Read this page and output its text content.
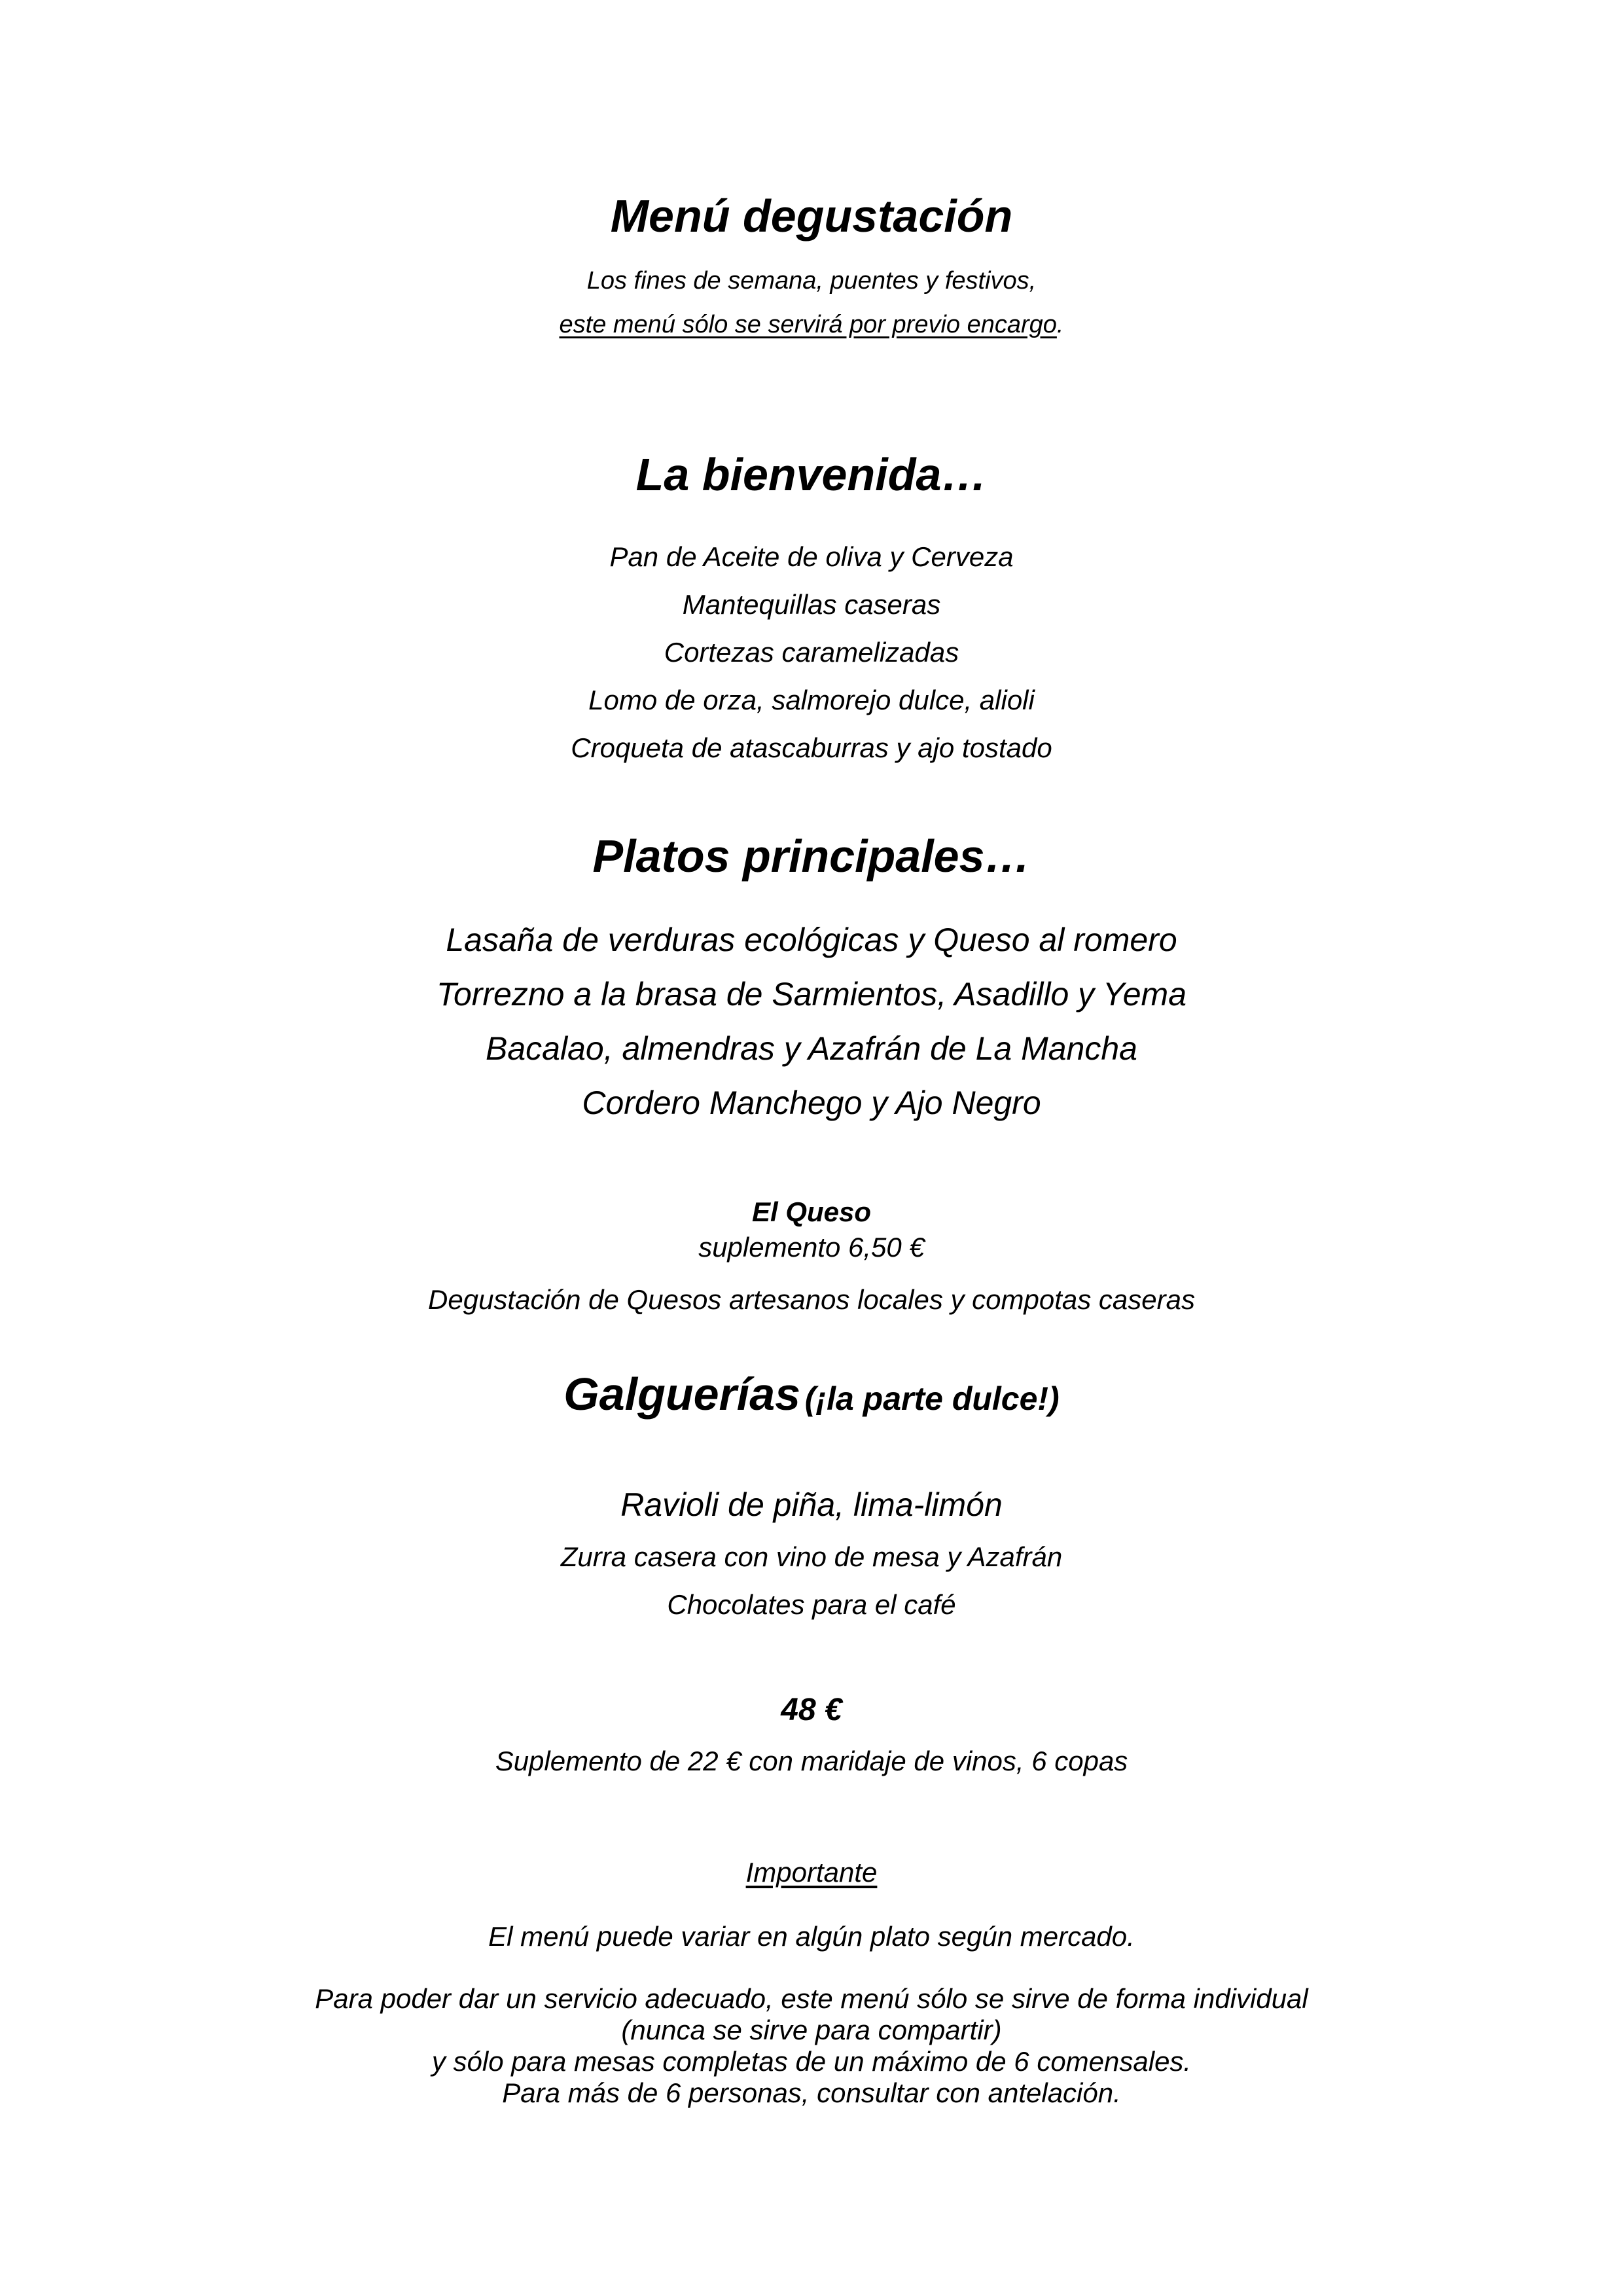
Menú degustación

Los fines de semana, puentes y festivos,

este menú sólo se servirá por previo encargo.

La bienvenida…

Pan de Aceite de oliva y Cerveza

Mantequillas caseras

Cortezas caramelizadas

Lomo de orza, salmorejo dulce, alioli

Croqueta de atascaburras y ajo tostado

Platos principales…

Lasaña de verduras ecológicas y Queso al romero

Torrezno a la brasa de Sarmientos, Asadillo y Yema

Bacalao, almendras y Azafrán de La Mancha

Cordero Manchego y Ajo Negro

El Queso

suplemento 6,50 €

Degustación de Quesos artesanos locales y compotas caseras

Galguerías (¡la parte dulce!)

Ravioli de piña, lima-limón

Zurra casera con vino de mesa y Azafrán

Chocolates para el café

48 €

Suplemento de 22 € con maridaje de vinos, 6 copas

Importante

El menú puede variar en algún plato según mercado.

Para poder dar un servicio adecuado, este menú sólo se sirve de forma individual
(nunca se sirve para compartir)
y sólo para mesas completas de un máximo de 6 comensales.
Para más de 6 personas, consultar con antelación.
